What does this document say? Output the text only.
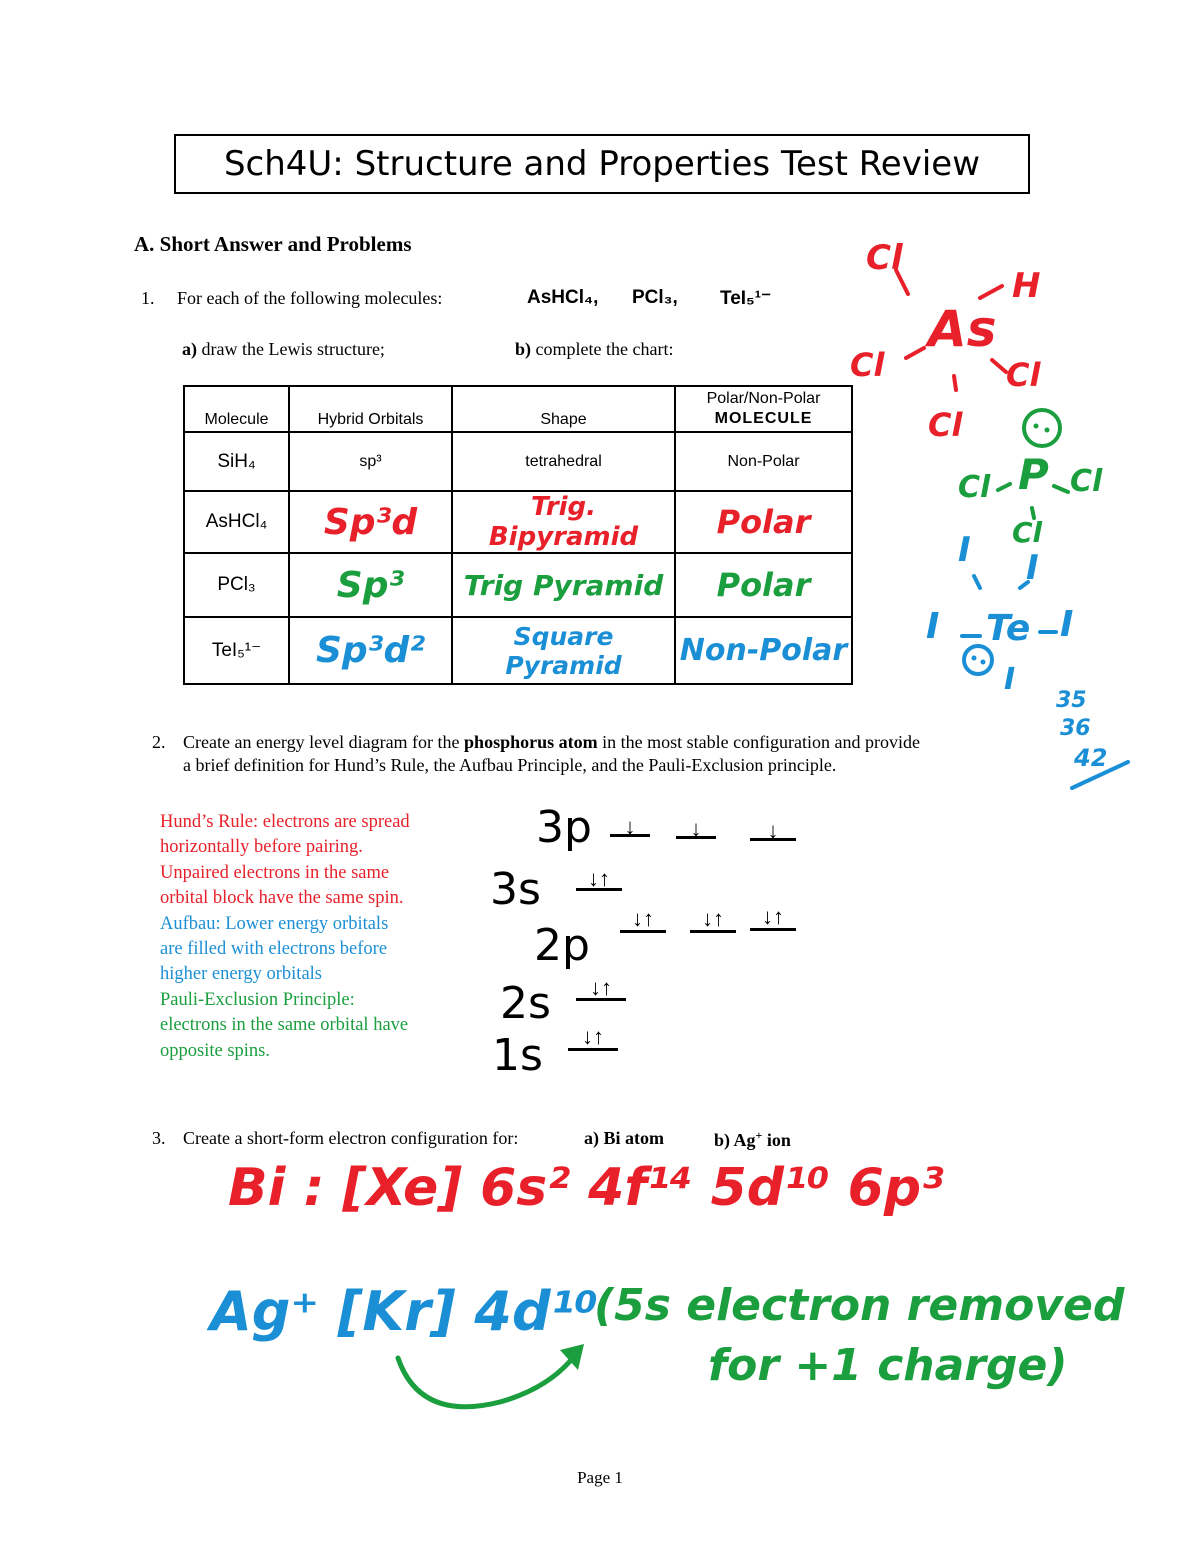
Sch4U: Structure and Properties Test Review
A. Short Answer and Problems
1. For each of the following molecules:	AsHCl₄, PCl₃, TeI₅¹⁻
a) draw the Lewis structure;	b) complete the chart:
Molecule	Hybrid Orbitals	Shape	Polar/Non-Polar
MOLECULE

SiH₄	sp³	tetrahedral	Non-Polar
AsHCl₄	Sp³d	Trig. Bipyramid	Polar
PCl₃	Sp³	Trig Pyramid	Polar
TeI₅¹⁻	Sp³d²	Square Pyramid	Non-Polar
Cl
H
As
Cl	Cl
Cl
Cl P Cl
Cl
I I
I Te I
I
35
36
42
2. Create an energy level diagram for the phosphorus atom in the most stable configuration and provide
a brief definition for Hund’s Rule, the Aufbau Principle, and the Pauli-Exclusion principle.
Hund’s Rule: electrons are spread
horizontally before pairing.
Unpaired electrons in the same
orbital block have the same spin.
Aufbau: Lower energy orbitals
are filled with electrons before
higher energy orbitals
Pauli-Exclusion Principle:
electrons in the same orbital have
opposite spins.
3p	↓	↓	↓
3s	↓↑
2p
↓↑	↓↑	↓↑
2s	↓↑
1s	↓↑
3. Create a short-form electron configuration for:	a) Bi atom	b) Ag+ ion
Bi : [Xe] 6s² 4f¹⁴ 5d¹⁰ 6p³
Ag⁺ [Kr] 4d¹⁰
(5s electron removed
for +1 charge)
Page 1
